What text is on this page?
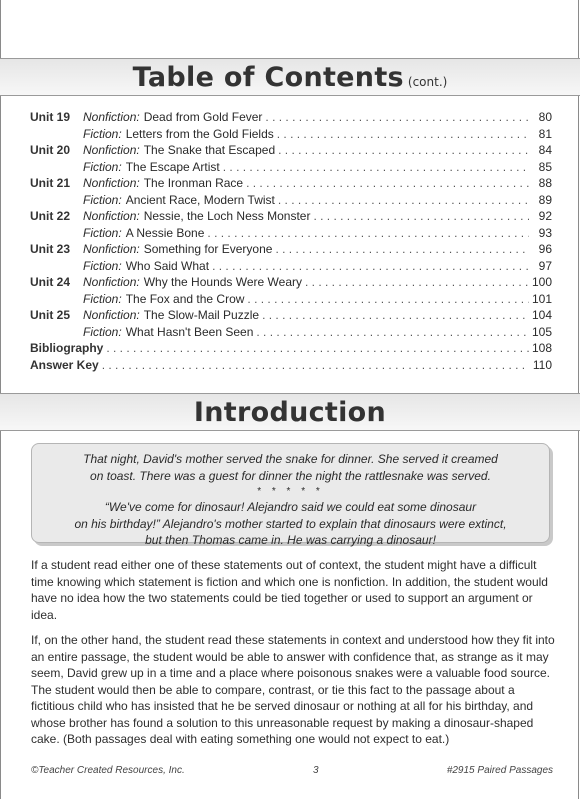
Table of Contents (cont.)
Unit 19	Nonfiction: Dead from Gold Fever . . .	80
Fiction: Letters from the Gold Fields . . .	81
Unit 20	Nonfiction: The Snake that Escaped . . .	84
Fiction: The Escape Artist . . .	85
Unit 21	Nonfiction: The Ironman Race . . .	88
Fiction: Ancient Race, Modern Twist . . .	89
Unit 22	Nonfiction: Nessie, the Loch Ness Monster . . .	92
Fiction: A Nessie Bone . . .	93
Unit 23	Nonfiction: Something for Everyone . . .	96
Fiction: Who Said What . . .	97
Unit 24	Nonfiction: Why the Hounds Were Weary . . .	100
Fiction: The Fox and the Crow . . .	101
Unit 25	Nonfiction: The Slow-Mail Puzzle . . .	104
Fiction: What Hasn't Been Seen . . .	105
Bibliography . . .	108
Answer Key . . .	110
Introduction

That night, David's mother served the snake for dinner. She served it creamed

on toast. There was a guest for dinner the night the rattlesnake was served.

* * * * *

“We've come for dinosaur! Alejandro said we could eat some dinosaur

on his birthday!” Alejandro's mother started to explain that dinosaurs were extinct,

but then Thomas came in. He was carrying a dinosaur!

If a student read either one of these statements out of context, the student might have a difficult time knowing which statement is fiction and which one is nonfiction. In addition, the student would have no idea how the two statements could be tied together or used to support an argument or idea.

If, on the other hand, the student read these statements in context and understood how they fit into an entire passage, the student would be able to answer with confidence that, as strange as it may seem, David grew up in a time and a place where poisonous snakes were a valuable food source. The student would then be able to compare, contrast, or tie this fact to the passage about a fictitious child who has insisted that he be served dinosaur or nothing at all for his birthday, and whose brother has found a solution to this unreasonable request by making a dinosaur-shaped cake. (Both passages deal with eating something one would not expect to eat.)

©Teacher Created Resources, Inc.	3	#2915 Paired Passages
